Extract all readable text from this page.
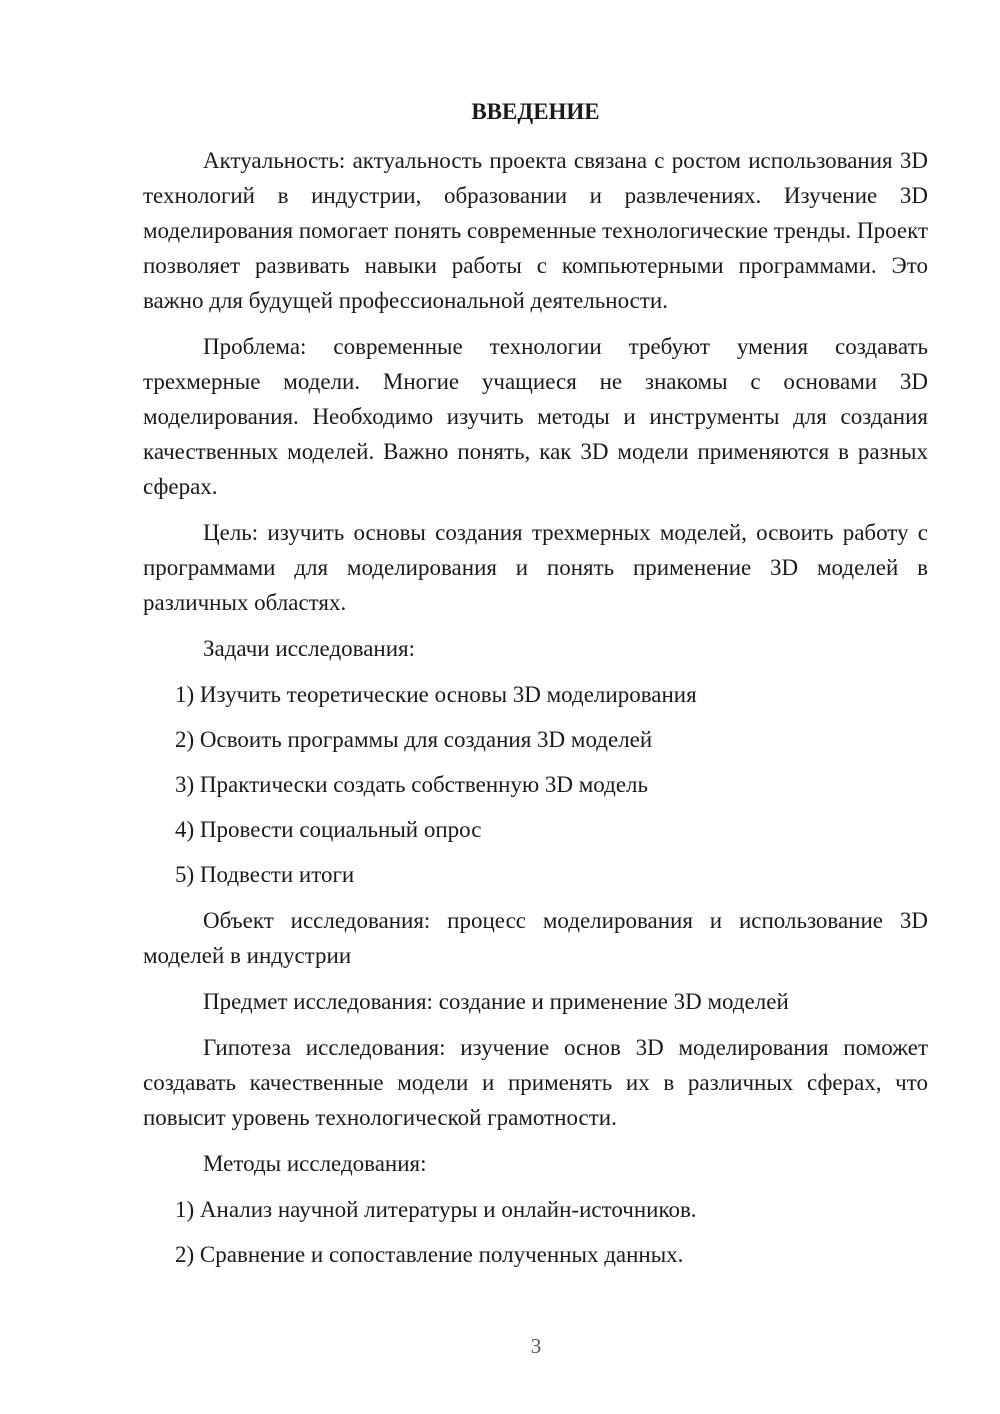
ВВЕДЕНИЕ

Актуальность: актуальность проекта связана с ростом использования 3D технологий в индустрии, образовании и развлечениях. Изучение 3D моделирования помогает понять современные технологические тренды. Проект позволяет развивать навыки работы с компьютерными программами. Это важно для будущей профессиональной деятельности.

Проблема: современные технологии требуют умения создавать трехмерные модели. Многие учащиеся не знакомы с основами 3D моделирования. Необходимо изучить методы и инструменты для создания качественных моделей. Важно понять, как 3D модели применяются в разных сферах.

Цель: изучить основы создания трехмерных моделей, освоить работу с программами для моделирования и понять применение 3D моделей в различных областях.

Задачи исследования:

1) Изучить теоретические основы 3D моделирования
2) Освоить программы для создания 3D моделей
3) Практически создать собственную 3D модель
4) Провести социальный опрос
5) Подвести итоги

Объект исследования: процесс моделирования и использование 3D моделей в индустрии

Предмет исследования: создание и применение 3D моделей

Гипотеза исследования: изучение основ 3D моделирования поможет создавать качественные модели и применять их в различных сферах, что повысит уровень технологической грамотности.

Методы исследования:

1) Анализ научной литературы и онлайн-источников.
2) Сравнение и сопоставление полученных данных.
3
